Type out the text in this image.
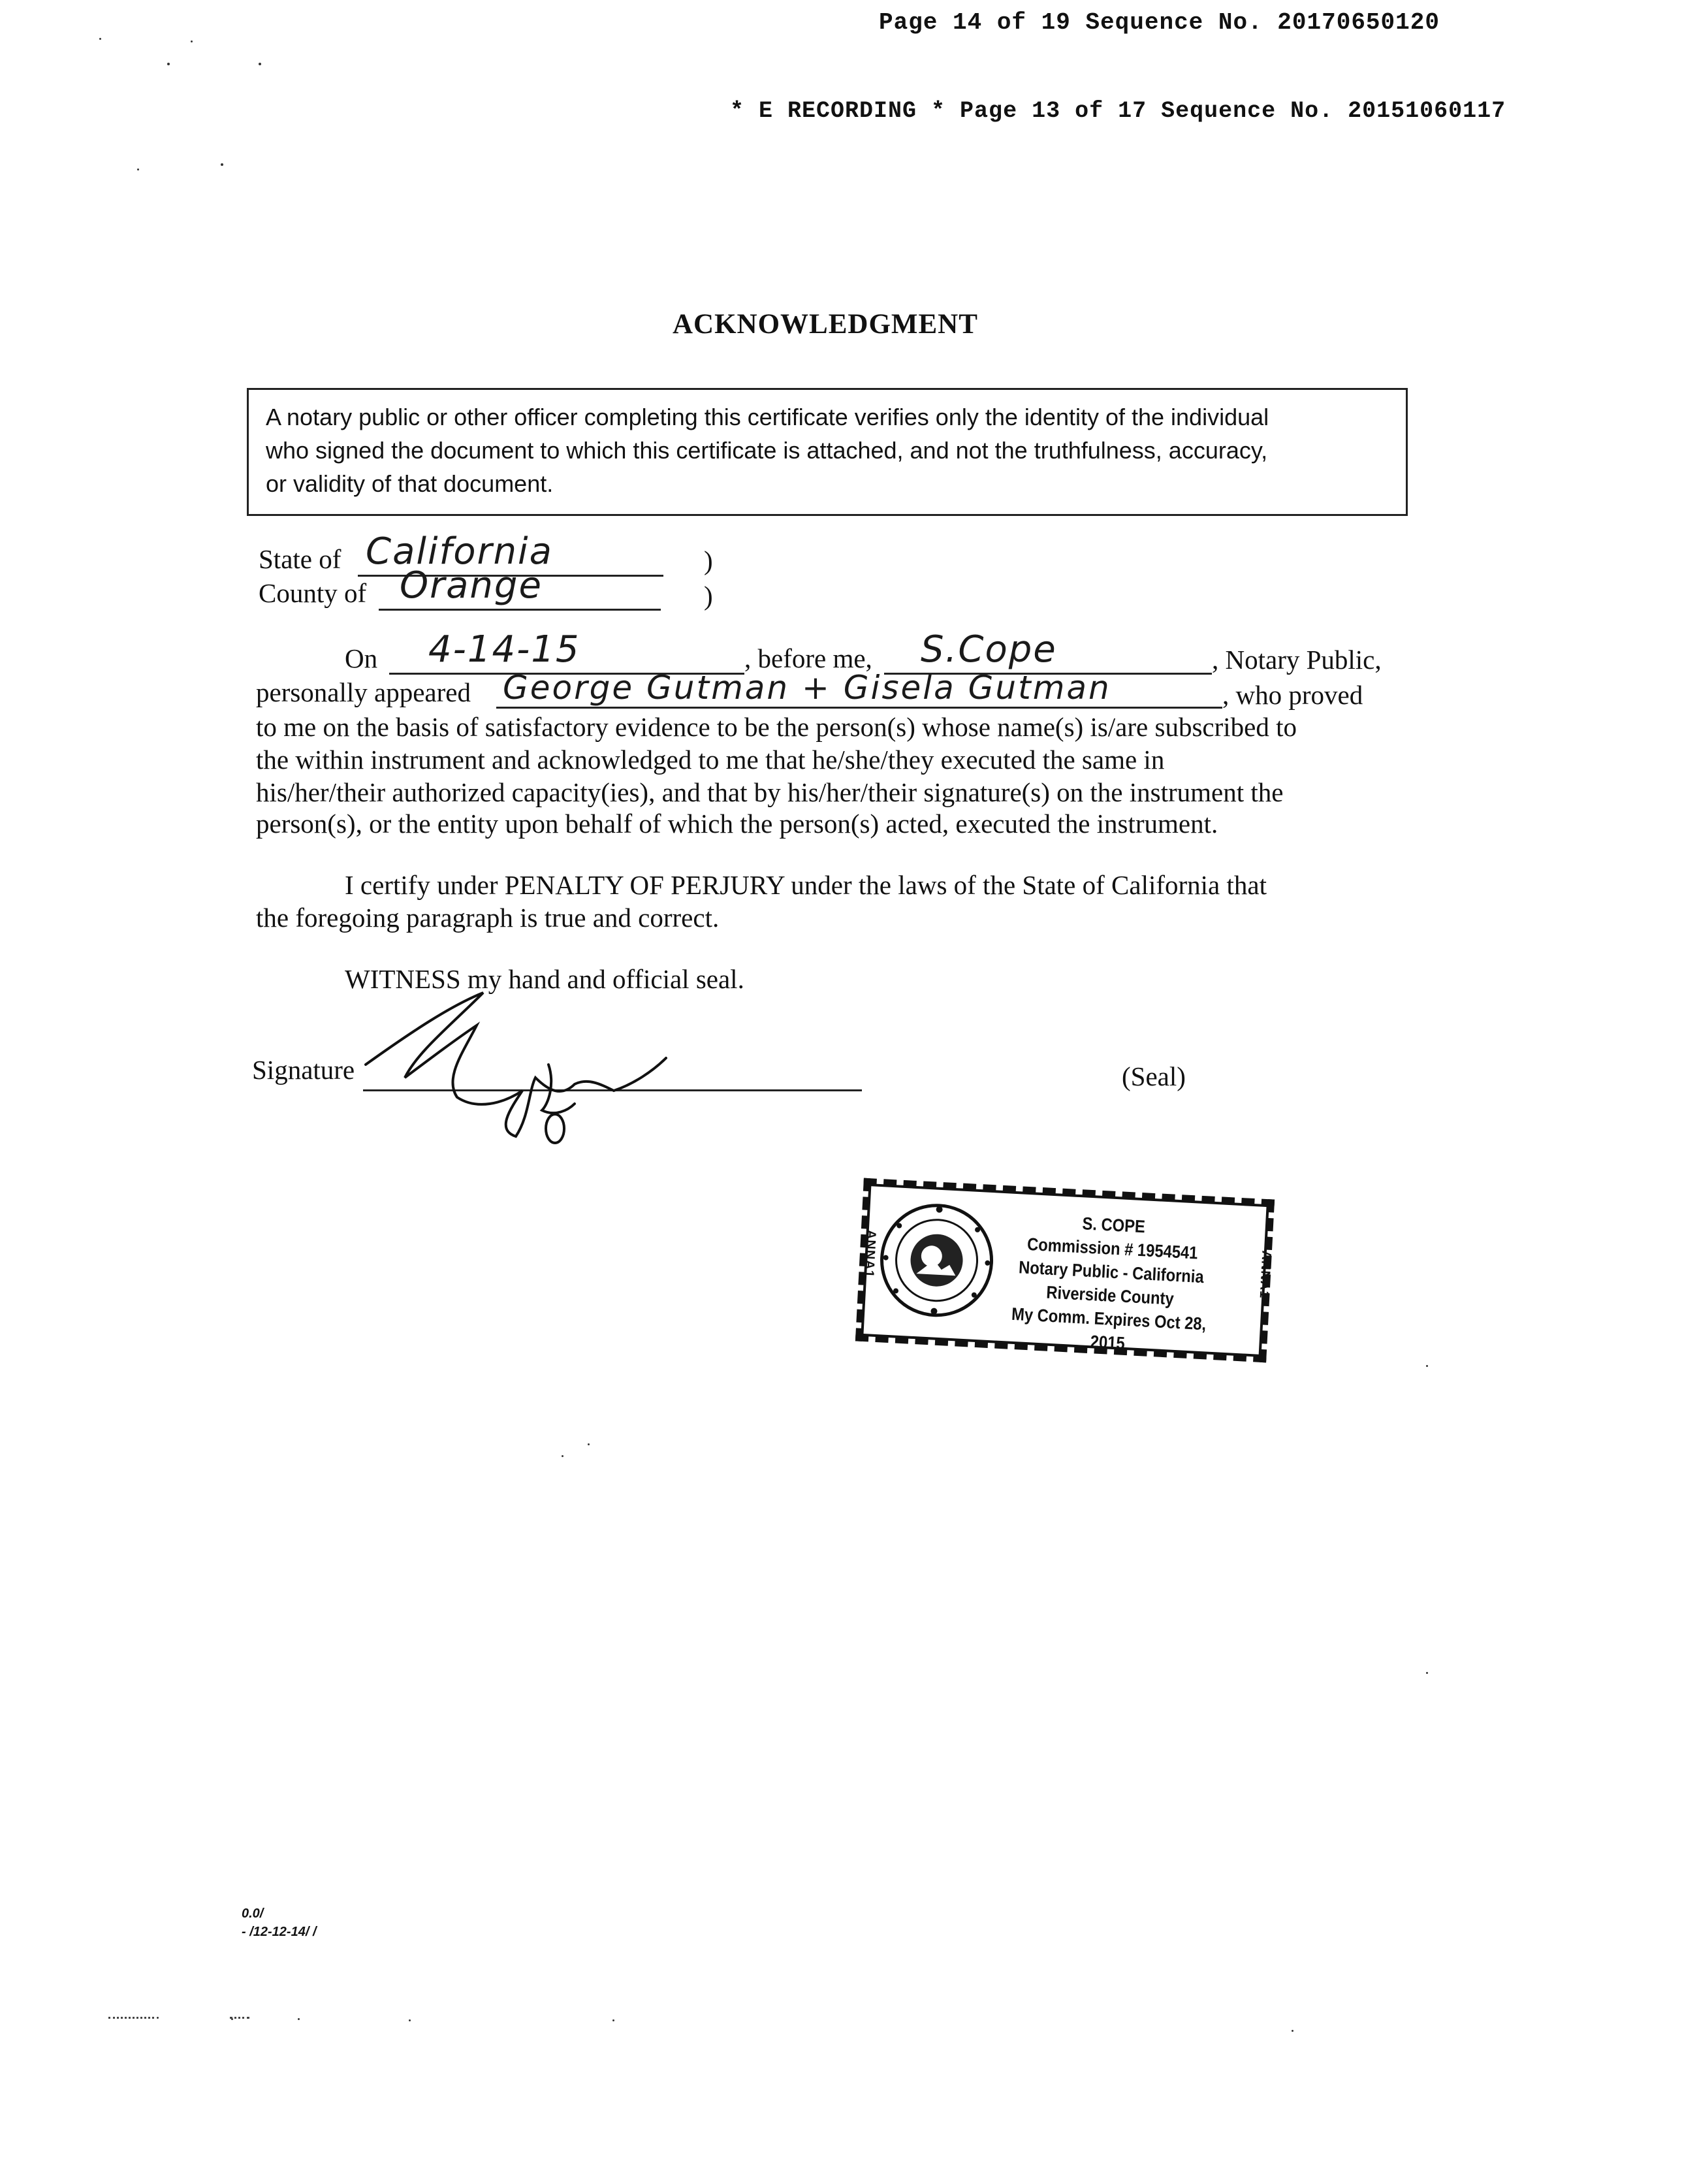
Page 14 of 19 Sequence No. 20170650120
* E RECORDING * Page 13 of 17 Sequence No. 20151060117
ACKNOWLEDGMENT
A notary public or other officer completing this certificate verifies only the identity of the individual
who signed the document to which this certificate is attached, and not the truthfulness, accuracy,
or validity of that document.
State of California	)
County of Orange	)
On 4-14-15	, before me, S.Cope	, Notary Public,
personally appeared George Gutman + Gisela Gutman	, who proved
to me on the basis of satisfactory evidence to be the person(s) whose name(s) is/are subscribed to
the within instrument and acknowledged to me that he/she/they executed the same in
his/her/their authorized capacity(ies), and that by his/her/their signature(s) on the instrument the
person(s), or the entity upon behalf of which the person(s) acted, executed the instrument.
I certify under PENALTY OF PERJURY under the laws of the State of California that
the foregoing paragraph is true and correct.
WITNESS my hand and official seal.
Signature	(Seal)
S. COPE
Commission # 1954541
Notary Public - California
Riverside County
My Comm. Expires Oct 28, 2015
ANNA1	ANNA1
0.0/
- /12-12-14/ /
